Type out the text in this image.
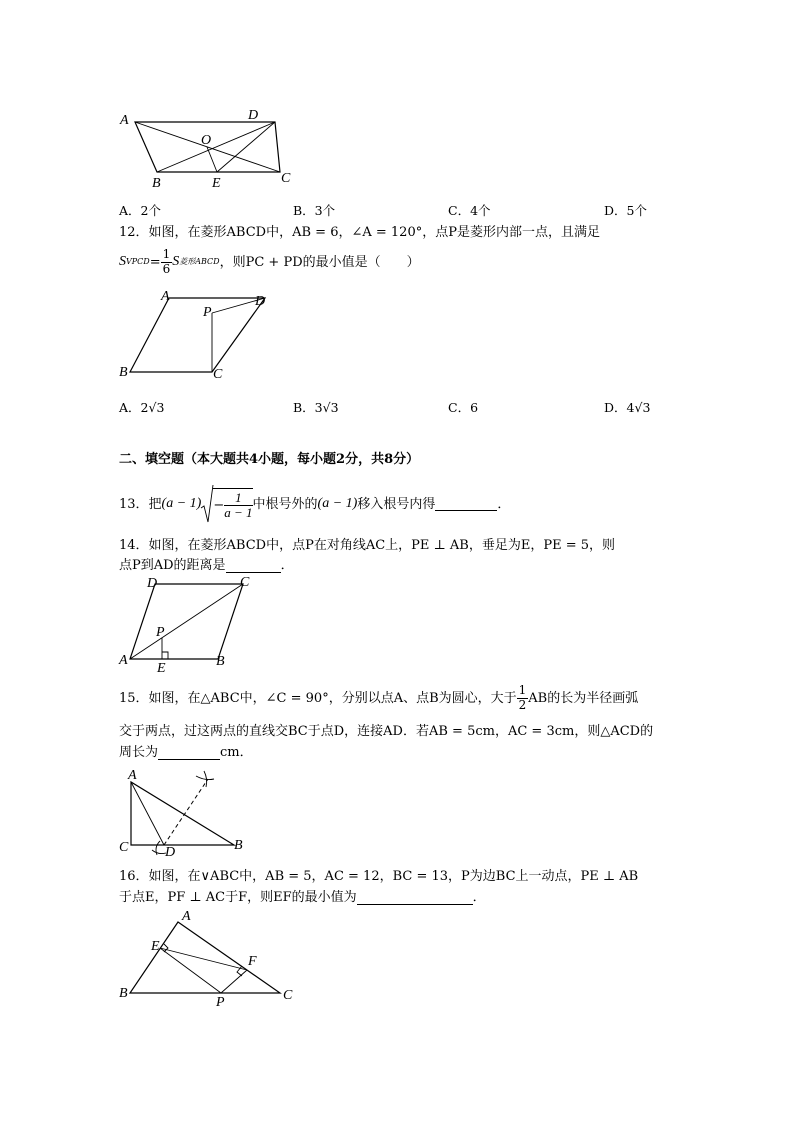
A	D
O
B	E	C
A．2个	B．3个	C．4个	D．5个
12．如图，在菱形ABCD中，AB = 6，∠A = 120°，点P是菱形内部一点，且满足
S VPCD = $\frac{1}{6}$ S 菱形ABCD ，则PC + PD的最小值是（　　）
A	D
P
B	C
A．2√3	B．3√3	C．6	D．4√3
二、填空题（本大题共4小题，每小题2分，共8分）
13．把 $(a - 1) - \frac{1}{a - 1}$ 中根号外的 (a − 1) 移入根号内得
	．
14．如图，在菱形ABCD中，点P在对角线AC上，PE ⊥ AB，垂足为E，PE = 5，则
点P到AD的距离是	．
D	C
P
A
E	B
15．如图，在△ABC中，∠C = 90°，分别以点A、点B为圆心，大于 $\frac{1}{2}$ AB的长为半径画弧
交于两点，过这两点的直线交BC于点D，连接AD．若AB = 5cm，AC = 3cm，则△ACD的
周长为	cm．
A
C	D	B
16．如图，在∨ABC中，AB = 5，AC = 12，BC = 13，P为边BC上一动点，PE ⊥ AB
于点E，PF ⊥ AC于F，则EF的最小值为	．
A
E
F
B
P	C
